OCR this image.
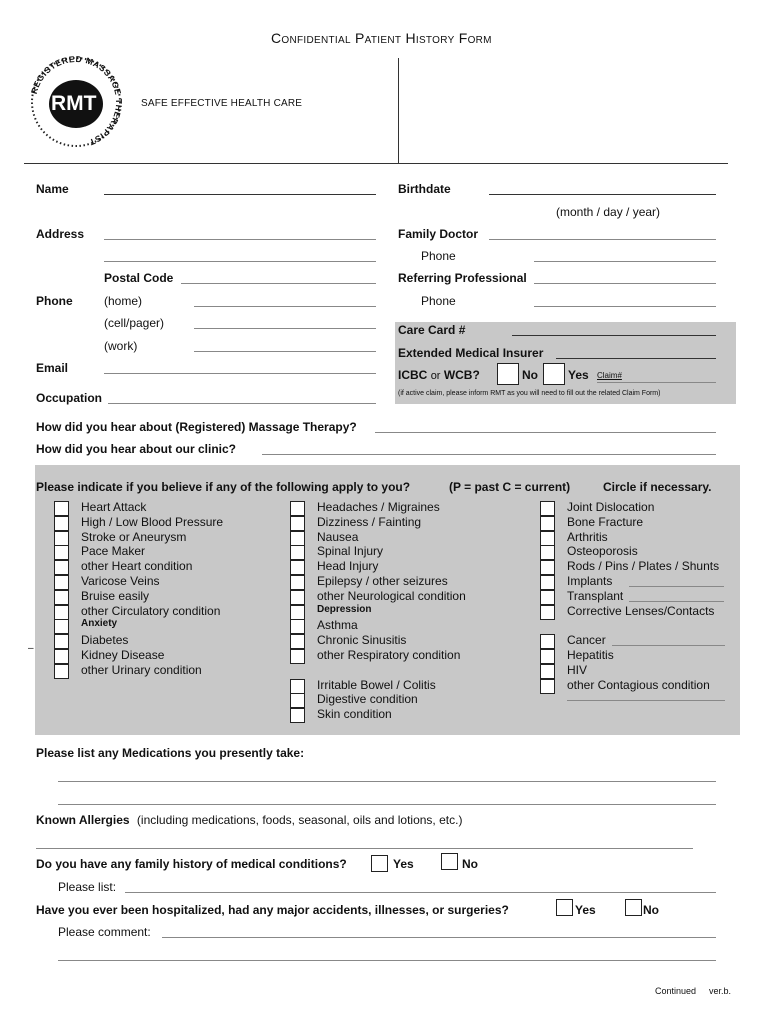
Confidential Patient History Form
REGISTERED MASSAGE THERAPIST
RMT	SAFE EFFECTIVE HEALTH CARE
Name
Address
Postal Code
Phone	(home)
(cell/pager)
(work)
Email
Occupation
Birthdate
(month / day / year)
Family Doctor
Phone
Referring Professional
Phone
Care Card #
Extended Medical Insurer
ICBC or WCB?	No	Yes Claim#
(if active claim, please inform RMT as you will need to fill out the related Claim Form)
How did you hear about (Registered) Massage Therapy?
How did you hear about our clinic?
Please indicate if you believe if any of the following apply to you?	(P = past C = current)	Circle if necessary.
Heart Attack
High / Low Blood Pressure
Stroke or Aneurysm
Pace Maker
other Heart condition
Varicose Veins
Bruise easily
other Circulatory condition
Anxiety
Diabetes
Kidney Disease
other Urinary condition
Headaches / Migraines
Dizziness / Fainting
Nausea
Spinal Injury
Head Injury
Epilepsy / other seizures
other Neurological condition
Depression
Asthma
Chronic Sinusitis
other Respiratory condition
Irritable Bowel / Colitis
Digestive condition
Skin condition
Joint Dislocation
Bone Fracture
Arthritis
Osteoporosis
Rods / Pins / Plates / Shunts
Implants
Transplant
Corrective Lenses/Contacts
Cancer
Hepatitis
HIV
other Contagious condition
Please list any Medications you presently take:
Known Allergies (including medications, foods, seasonal, oils and lotions, etc.)
Do you have any family history of medical conditions?	Yes	No
Please list:
Have you ever been hospitalized, had any major accidents, illnesses, or surgeries?	Yes	No
Please comment:
Continued ver.b.
–
